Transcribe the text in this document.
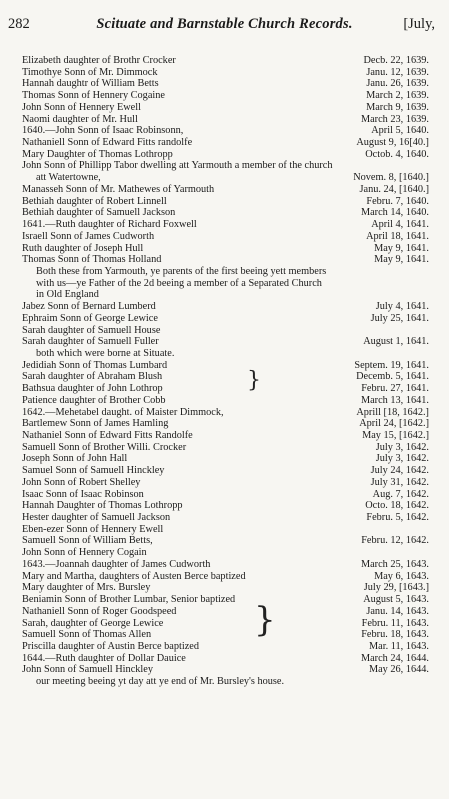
282	Scituate and Barnstable Church Records.	[July,
Elizabeth daughter of Brothr Crocker	Decb. 22, 1639.
Timothye Sonn of Mr. Dimmock	Janu. 12, 1639.
Hannah daughtr of William Betts	Janu. 26, 1639.
Thomas Sonn of Hennery Cogaine	March 2, 1639.
John Sonn of Hennery Ewell	March 9, 1639.
Naomi daughter of Mr. Hull	March 23, 1639.
1640.—John Sonn of Isaac Robinsonn,	April 5, 1640.
Nathaniell Sonn of Edward Fitts randolfe	August 9, 16[40.]
Mary Daughter of Thomas Lothropp	Octob. 4, 1640.
John Sonn of Phillipp Tabor dwelling att Yarmouth a member of the church
att Watertowne,	Novem. 8, [1640.]
Manasseh Sonn of Mr. Mathewes of Yarmouth	Janu. 24, [1640.]
Bethiah daughter of Robert Linnell	Febru. 7, 1640.
Bethiah daughter of Samuell Jackson	March 14, 1640.
1641.—Ruth daughter of Richard Foxwell	April 4, 1641.
Israell Sonn of James Cudworth	April 18, 1641.
Ruth daughter of Joseph Hull	May 9, 1641.
Thomas Sonn of Thomas Holland	May 9, 1641.
Both these from Yarmouth, ye parents of the first beeing yett members
with us—ye Father of the 2d beeing a member of a Separated Church
in Old England
Jabez Sonn of Bernard Lumberd	July 4, 1641.
Ephraim Sonn of George Lewice	July 25, 1641.
Sarah daughter of Samuell House
Sarah daughter of Samuell Fuller	August 1, 1641.
both which were borne at Situate.
Jedidiah Sonn of Thomas Lumbard	Septem. 19, 1641.
Sarah daughter of Abraham Blush	Decemb. 5, 1641.
Bathsua daughter of John Lothrop	Febru. 27, 1641.
Patience daughter of Brother Cobb	March 13, 1641.
1642.—Mehetabel daught. of Maister Dimmock,	Aprill [18, 1642.]
Bartlemew Sonn of James Hamling	April 24, [1642.]
Nathaniel Sonn of Edward Fitts Randolfe	May 15, [1642.]
Samuell Sonn of Brother Willi. Crocker	July 3, 1642.
Joseph Sonn of John Hall	July 3, 1642.
Samuel Sonn of Samuell Hinckley	July 24, 1642.
John Sonn of Robert Shelley	July 31, 1642.
Isaac Sonn of Isaac Robinson	Aug. 7, 1642.
Hannah Daughter of Thomas Lothropp	Octo. 18, 1642.
Hester daughter of Samuell Jackson	Febru. 5, 1642.
Eben-ezer Sonn of Hennery Ewell
Samuell Sonn of William Betts,	Febru. 12, 1642.
John Sonn of Hennery Cogain
1643.—Joannah daughter of James Cudworth	March 25, 1643.
Mary and Martha, daughters of Austen Berce baptized	May 6, 1643.
Mary daughter of Mrs. Bursley	July 29, [1643.]
Beniamin Sonn of Brother Lumbar, Senior baptized	August 5, 1643.
Nathaniell Sonn of Roger Goodspeed	Janu. 14, 1643.
Sarah, daughter of George Lewice	Febru. 11, 1643.
Samuell Sonn of Thomas Allen	Febru. 18, 1643.
Priscilla daughter of Austin Berce baptized	Mar. 11, 1643.
1644.—Ruth daughter of Dollar Dauice	March 24, 1644.
John Sonn of Samuell Hinckley	May 26, 1644.
our meeting beeing yt day att ye end of Mr. Bursley's house.
}
}
